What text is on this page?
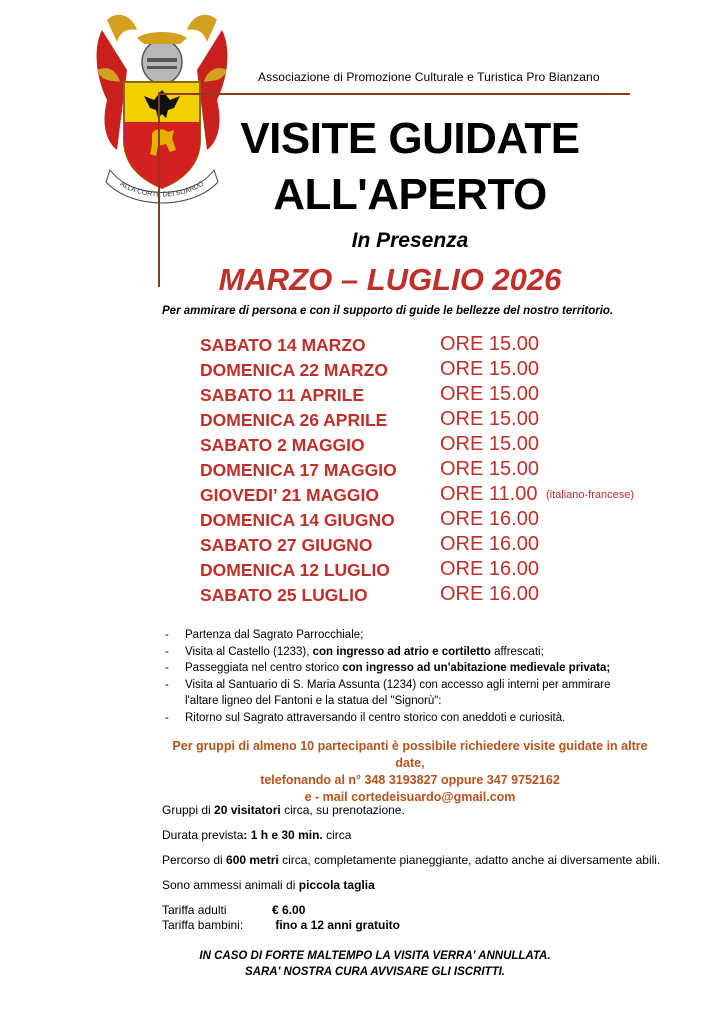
ALLA CORT DEI SUARDO
Associazione di Promozione Culturale e Turistica Pro Bianzano
VISITE GUIDATE
ALL'APERTO
In Presenza
MARZO – LUGLIO 2026
Per ammirare di persona e con il supporto di guide le bellezze del nostro territorio.
SABATO 14 MARZO	ORE 15.00
DOMENICA 22 MARZO	ORE 15.00
SABATO 11 APRILE	ORE 15.00
DOMENICA 26 APRILE	ORE 15.00
SABATO 2 MAGGIO	ORE 15.00
DOMENICA 17 MAGGIO ORE 15.00
GIOVEDI’ 21 MAGGIO	ORE 11.00 (italiano-francese)
DOMENICA 14 GIUGNO ORE 16.00
SABATO 27 GIUGNO	ORE 16.00
DOMENICA 12 LUGLIO	ORE 16.00
SABATO 25 LUGLIO	ORE 16.00
- Partenza dal Sagrato Parrocchiale;
- Visita al Castello (1233), con ingresso ad atrio e cortiletto affrescati;
- Passeggiata nel centro storico con ingresso ad un'abitazione medievale privata;
- Visita al Santuario di S. Maria Assunta (1234) con accesso agli interni per ammirare
l'altare ligneo del Fantoni e la statua del "Signorù":
- Ritorno sul Sagrato attraversando il centro storico con aneddoti e curiosità.
Per gruppi di almeno 10 partecipanti è possibile richiedere visite guidate in altre date,
telefonando al n° 348 3193827 oppure 347 9752162
e - mail cortedeisuardo@gmail.com
Gruppi di 20 visitatori circa, su prenotazione.
Durata prevista: 1 h e 30 min. circa
Percorso di 600 metri circa, completamente pianeggiante, adatto anche ai diversamente abili.
Sono ammessi animali di piccola taglia
Tariffa adulti	€ 6.00
Tariffa bambini: fino a 12 anni gratuito
IN CASO DI FORTE MALTEMPO LA VISITA VERRA' ANNULLATA.
SARA' NOSTRA CURA AVVISARE GLI ISCRITTI.
